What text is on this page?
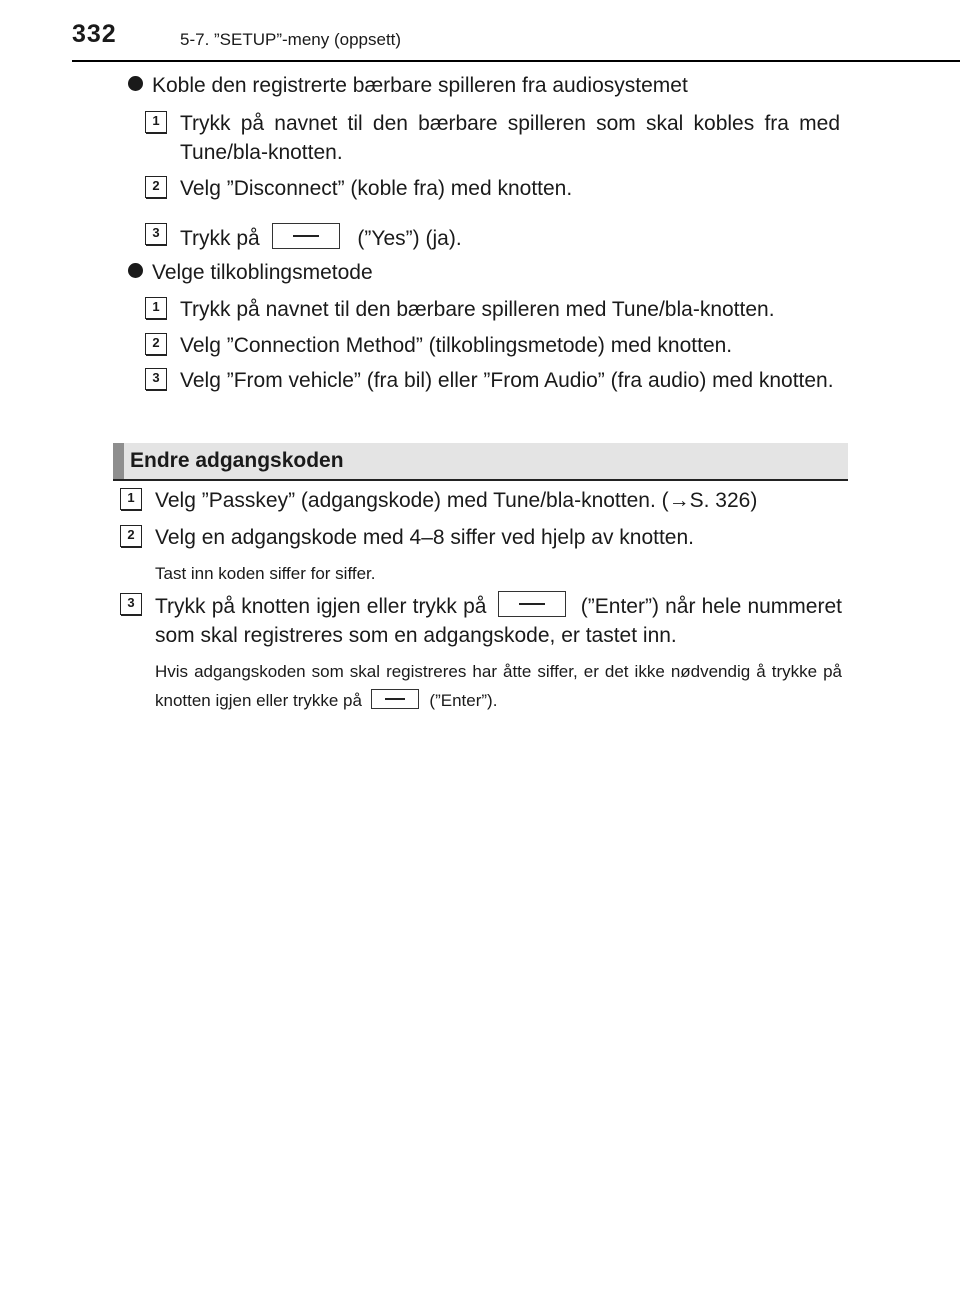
332	5-7. ”SETUP”-meny (oppsett)
Koble den registrerte bærbare spilleren fra audiosystemet
1 Trykk på navnet til den bærbare spilleren som skal kobles fra med Tune/bla-knotten.
2 Velg ”Disconnect” (koble fra) med knotten.
3 Trykk på	(”Yes”) (ja).
Velge tilkoblingsmetode
1 Trykk på navnet til den bærbare spilleren med Tune/bla-knotten.
2 Velg ”Connection Method” (tilkoblingsmetode) med knotten.
3 Velg ”From vehicle” (fra bil) eller ”From Audio” (fra audio) med knotten.
Endre adgangskoden
1 Velg ”Passkey” (adgangskode) med Tune/bla-knotten. (→S. 326)
2 Velg en adgangskode med 4–8 siffer ved hjelp av knotten.
Tast inn koden siffer for siffer.
3 Trykk på knotten igjen eller trykk på	(”Enter”) når hele nummeret som skal registreres som en adgangskode, er tastet inn.
Hvis adgangskoden som skal registreres har åtte siffer, er det ikke nødvendig å trykke på knotten igjen eller trykke på	(”Enter”).
